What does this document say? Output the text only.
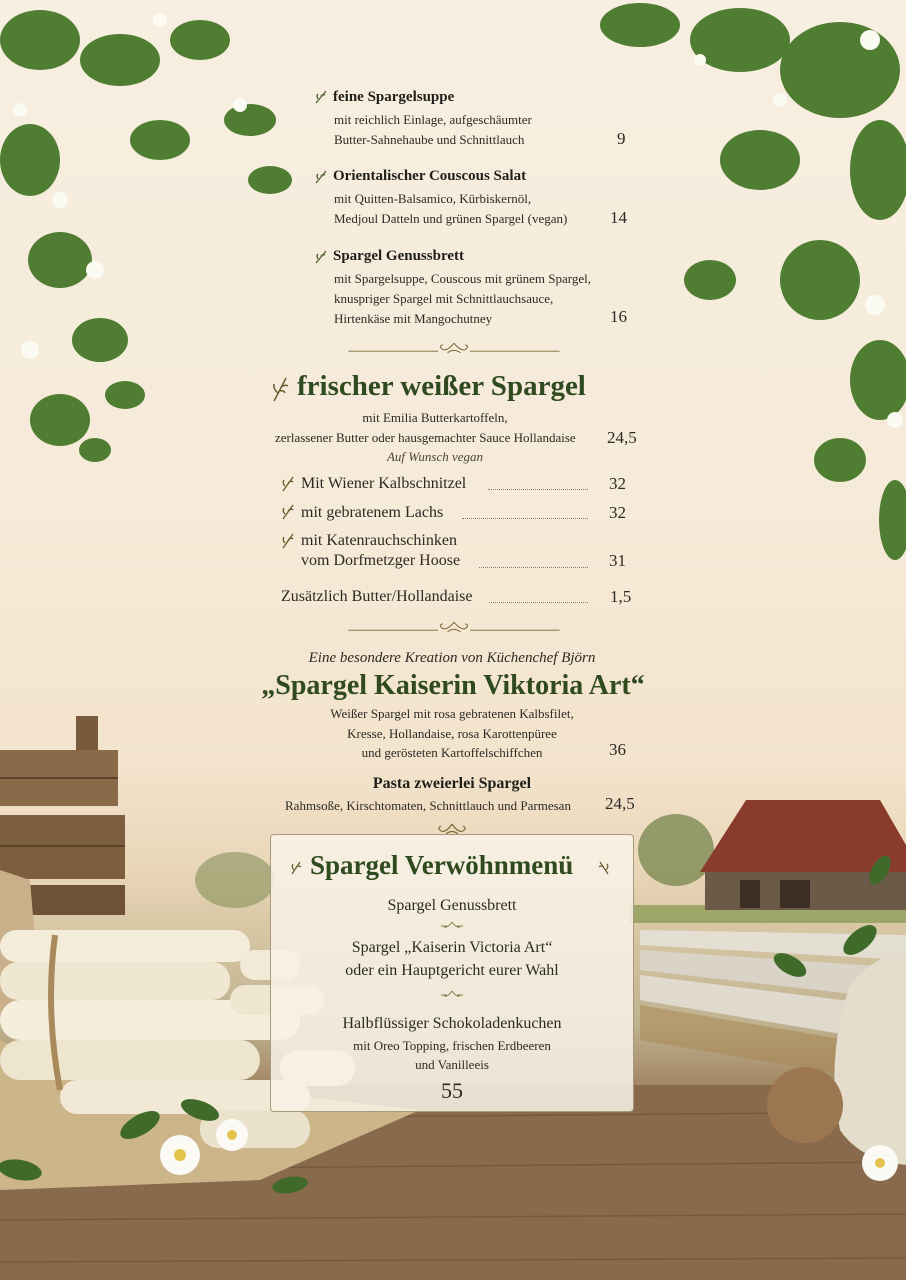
feine Spargelsuppe
mit reichlich Einlage, aufgeschäumter
Butter-Sahnehaube und Schnittlauch	9
Orientalischer Couscous Salat
mit Quitten-Balsamico, Kürbiskernöl,
Medjoul Datteln und grünen Spargel (vegan)	14
Spargel Genussbrett
mit Spargelsuppe, Couscous mit grünem Spargel,
knuspriger Spargel mit Schnittlauchsauce,
Hirtenkäse mit Mangochutney	16
frischer weißer Spargel
mit Emilia Butterkartoffeln,
zerlassener Butter oder hausgemachter Sauce Hollandaise 24,5
Auf Wunsch vegan
Mit Wiener Kalbschnitzel	32
mit gebratenem Lachs	32
mit Katenrauchschinken
vom Dorfmetzger Hoose	31
Zusätzlich Butter/Hollandaise	1,5
Eine besondere Kreation von Küchenchef Björn
„Spargel Kaiserin Viktoria Art“
Weißer Spargel mit rosa gebratenen Kalbsfilet,
Kresse, Hollandaise, rosa Karottenpüree
und gerösteten Kartoffelschiffchen	36
Pasta zweierlei Spargel
Rahmsoße, Kirschtomaten, Schnittlauch und Parmesan 24,5
Spargel Verwöhnmenü
Spargel Genussbrett
Spargel „Kaiserin Victoria Art“
oder ein Hauptgericht eurer Wahl
Halbflüssiger Schokoladenkuchen
mit Oreo Topping, frischen Erdbeeren
und Vanilleeis
55
